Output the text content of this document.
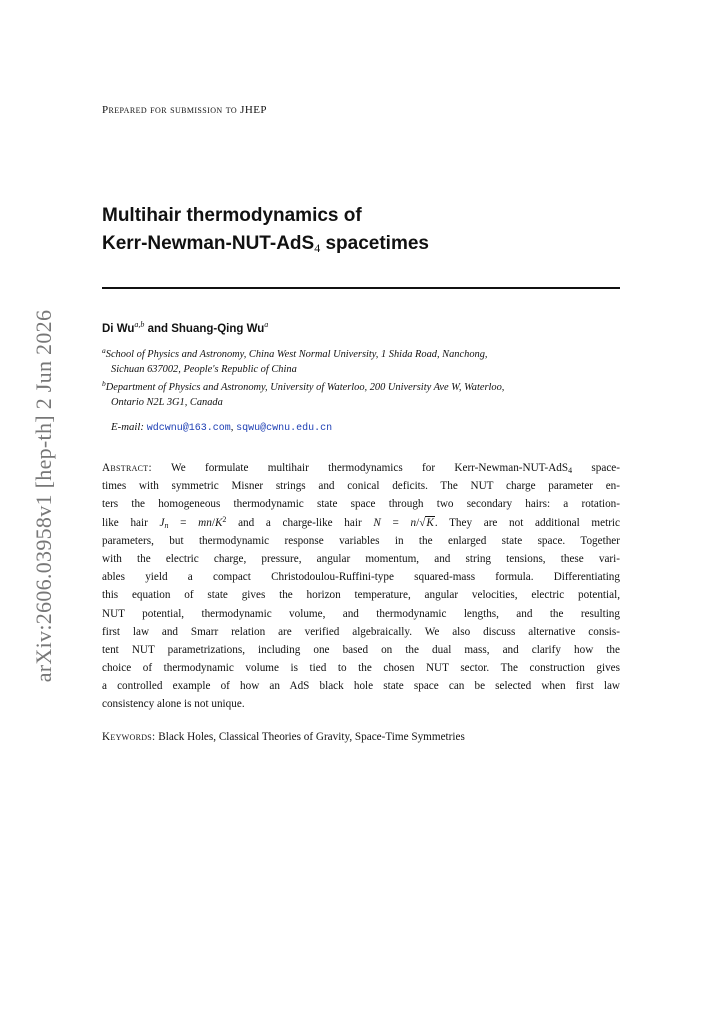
arXiv:2606.03958v1 [hep-th] 2 Jun 2026
Prepared for submission to JHEP
Multihair thermodynamics of
Kerr-Newman-NUT-AdS$_4$ spacetimes
Di Wu$^{a,b}$ and Shuang-Qing Wu$^a$
$^a$School of Physics and Astronomy, China West Normal University, 1 Shida Road, Nanchong,
Sichuan 637002, People's Republic of China
$^b$Department of Physics and Astronomy, University of Waterloo, 200 University Ave W, Waterloo,
Ontario N2L 3G1, Canada
E-mail: wdcwnu@163.com, sqwu@cwnu.edu.cn
Abstract: We formulate multihair thermodynamics for Kerr-Newman-NUT-AdS$_4$ space-
times with symmetric Misner strings and conical deficits. The NUT charge parameter en-
ters the homogeneous thermodynamic state space through two secondary hairs: a rotation-
like hair $J_n = mn/K^2$ and a charge-like hair N = n/√K. They are not additional metric
parameters, but thermodynamic response variables in the enlarged state space. Together
with the electric charge, pressure, angular momentum, and string tensions, these vari-
ables yield a compact Christodoulou-Ruffini-type squared-mass formula. Differentiating
this equation of state gives the horizon temperature, angular velocities, electric potential,
NUT potential, thermodynamic volume, and thermodynamic lengths, and the resulting
first law and Smarr relation are verified algebraically. We also discuss alternative consis-
tent NUT parametrizations, including one based on the dual mass, and clarify how the
choice of thermodynamic volume is tied to the chosen NUT sector. The construction gives
a controlled example of how an AdS black hole state space can be selected when first law
consistency alone is not unique.
Keywords: Black Holes, Classical Theories of Gravity, Space-Time Symmetries
